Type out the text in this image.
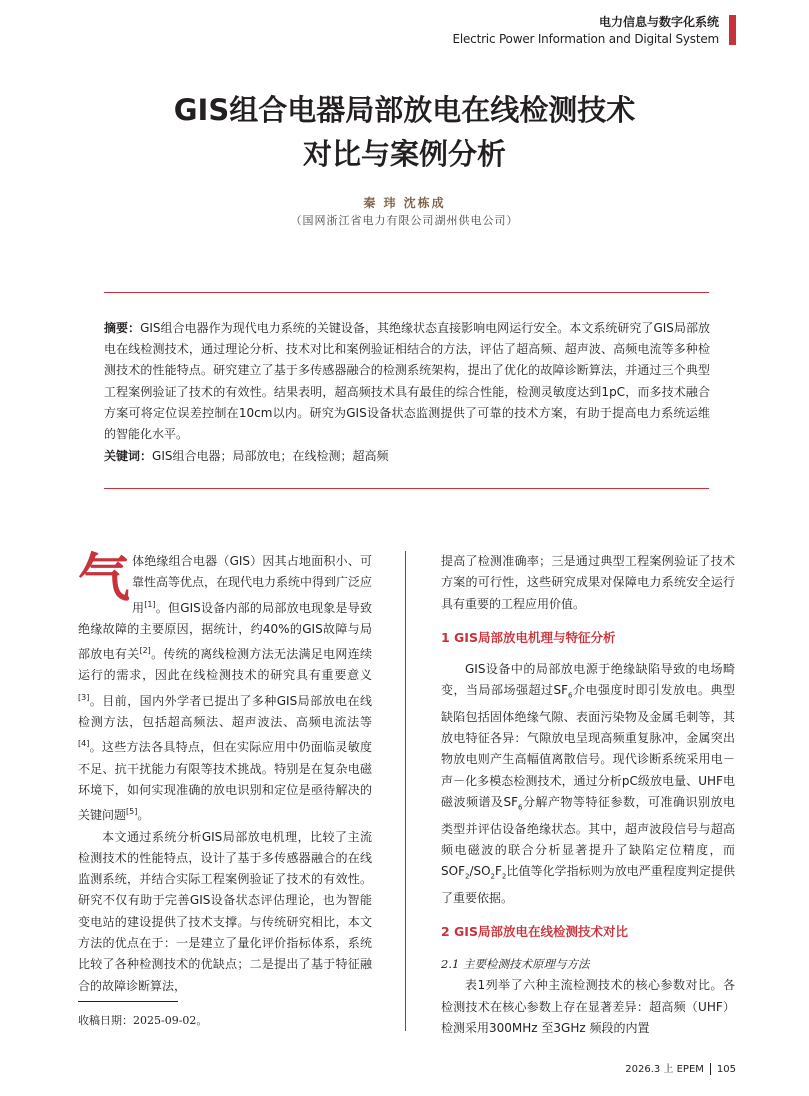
电力信息与数字化系统
Electric Power Information and Digital System
GIS组合电器局部放电在线检测技术
对比与案例分析
秦 玮 沈栋成
（国网浙江省电力有限公司湖州供电公司）
摘要：GIS组合电器作为现代电力系统的关键设备，其绝缘状态直接影响电网运行安全。本文系统研究了GIS局部放电在线检测技术，通过理论分析、技术对比和案例验证相结合的方法，评估了超高频、超声波、高频电流等多种检测技术的性能特点。研究建立了基于多传感器融合的检测系统架构，提出了优化的故障诊断算法，并通过三个典型工程案例验证了技术的有效性。结果表明，超高频技术具有最佳的综合性能，检测灵敏度达到1pC，而多技术融合方案可将定位误差控制在10cm以内。研究为GIS设备状态监测提供了可靠的技术方案，有助于提高电力系统运维的智能化水平。
关键词：GIS组合电器；局部放电；在线检测；超高频

气体绝缘组合电器（GIS）因其占地面积小、可靠性高等优点，在现代电力系统中得到广泛应用[1]。但GIS设备内部的局部放电现象是导致绝缘故障的主要原因，据统计，约40%的GIS故障与局部放电有关[2]。传统的离线检测方法无法满足电网连续运行的需求，因此在线检测技术的研究具有重要意义[3]。目前，国内外学者已提出了多种GIS局部放电在线检测方法，包括超高频法、超声波法、高频电流法等[4]。这些方法各具特点，但在实际应用中仍面临灵敏度不足、抗干扰能力有限等技术挑战。特别是在复杂电磁环境下，如何实现准确的放电识别和定位是亟待解决的关键问题[5]。

本文通过系统分析GIS局部放电机理，比较了主流检测技术的性能特点，设计了基于多传感器融合的在线监测系统，并结合实际工程案例验证了技术的有效性。研究不仅有助于完善GIS设备状态评估理论，也为智能变电站的建设提供了技术支撑。与传统研究相比，本文方法的优点在于：一是建立了量化评价指标体系，系统比较了各种检测技术的优缺点；二是提出了基于特征融合的故障诊断算法，

提高了检测准确率；三是通过典型工程案例验证了技术方案的可行性，这些研究成果对保障电力系统安全运行具有重要的工程应用价值。

1 GIS局部放电机理与特征分析

GIS设备中的局部放电源于绝缘缺陷导致的电场畸变，当局部场强超过$SF_6$介电强度时即引发放电。典型缺陷包括固体绝缘气隙、表面污染物及金属毛刺等，其放电特征各异：气隙放电呈现高频重复脉冲，金属突出物放电则产生高幅值离散信号。现代诊断系统采用电－声－化多模态检测技术，通过分析pC级放电量、UHF电磁波频谱及$SF_6$分解产物等特征参数，可准确识别放电类型并评估设备绝缘状态。其中，超声波段信号与超高频电磁波的联合分析显著提升了缺陷定位精度，而$SOF_2/SO_2F_2$比值等化学指标则为放电严重程度判定提供了重要依据。

2 GIS局部放电在线检测技术对比

2.1 主要检测技术原理与方法

表1列举了六种主流检测技术的核心参数对比。各检测技术在核心参数上存在显著差异：超高频（UHF）检测采用300MHz 至3GHz 频段的内置

收稿日期：2025-09-02。
2026.3 上 EPEM 105
